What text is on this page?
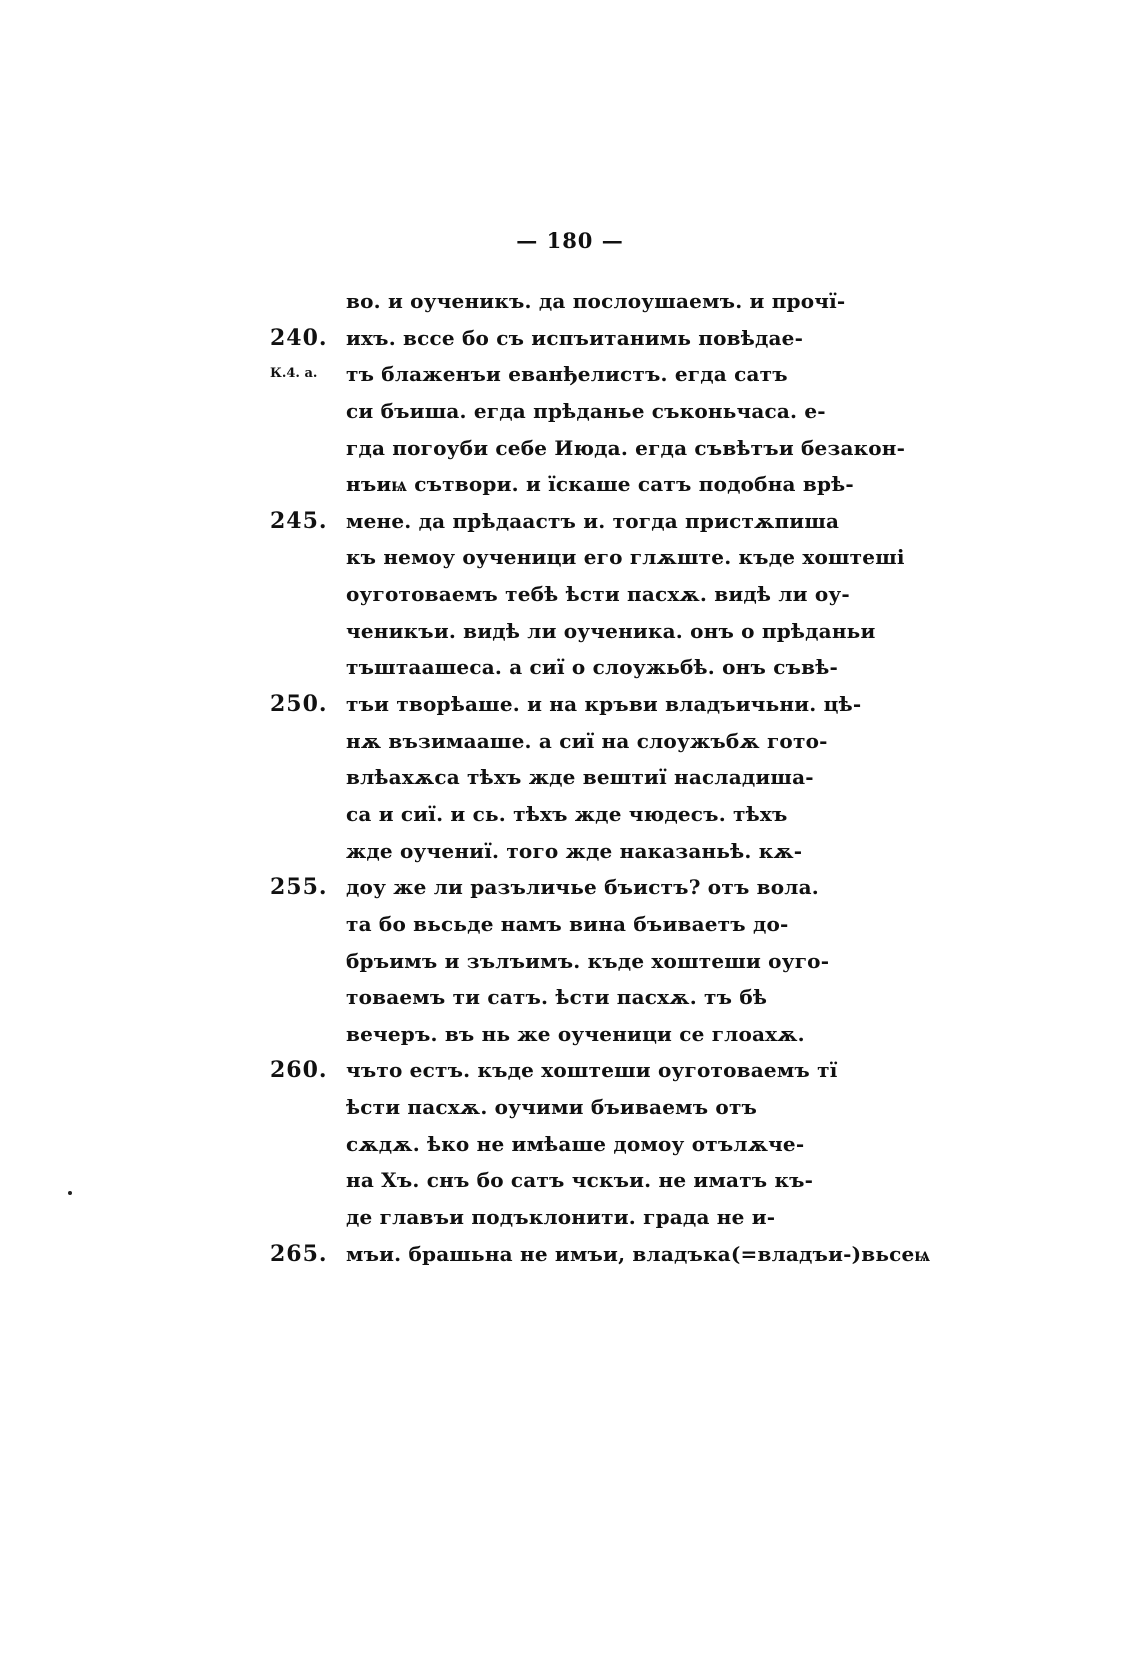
— 180 —
во. и оученикъ. да послоушаемъ. и прочї-
240. ихъ. всcе бо съ испъитанимь повѣдае-
К.4. а. тъ блаженъи еванђелистъ. егда сатъ
си бъиша. егда прѣданье съконьчаса. е-
гда погоуби себе Июда. егда съвѣтъи безакон-
нъиѩ сътвори. и їскаше сатъ подобна врѣ-
245. мене. да прѣдаастъ и. тогда пристѫпиша
къ немоу оученици его глѫште. къде хоштеші
оуготоваемъ тебѣ ѣсти пасхѫ. видѣ ли оу-
ченикъи. видѣ ли оученика. онъ о прѣданьи
тъштаашеса. а сиї о слоужьбѣ. онъ съвѣ-
250. тъи творѣаше. и на кръви владъичьни. цѣ-
нѫ възимааше. а сиї на слоужъбѫ гото-
влѣахѫса тѣхъ жде вештиї насладиша-
са и сиї. и сь. тѣхъ жде чюдесъ. тѣхъ
жде оучениї. того жде наказаньѣ. кѫ-
255. доу же ли разъличье бъистъ? отъ вола.
та бо вьсьде намъ вина бъиваетъ до-
бръимъ и зълъимъ. къде хоштеши оуго-
товаемъ ти сатъ. ѣсти пасхѫ. тъ бѣ
вечеръ. въ нь же оученици се глоахѫ.
260. чъто естъ. къде хоштеши оуготоваемъ тї
ѣсти пасхѫ. оучими бъиваемъ отъ
сѫдѫ. ѣко не имѣаше домоу отълѫче-
на Хъ. снъ бо сатъ чскъи. не иматъ къ-
де главъи подъклонити. града не и-
265. мъи. брашьна не имъи, владъка(=владъи-)вьсеѩ
